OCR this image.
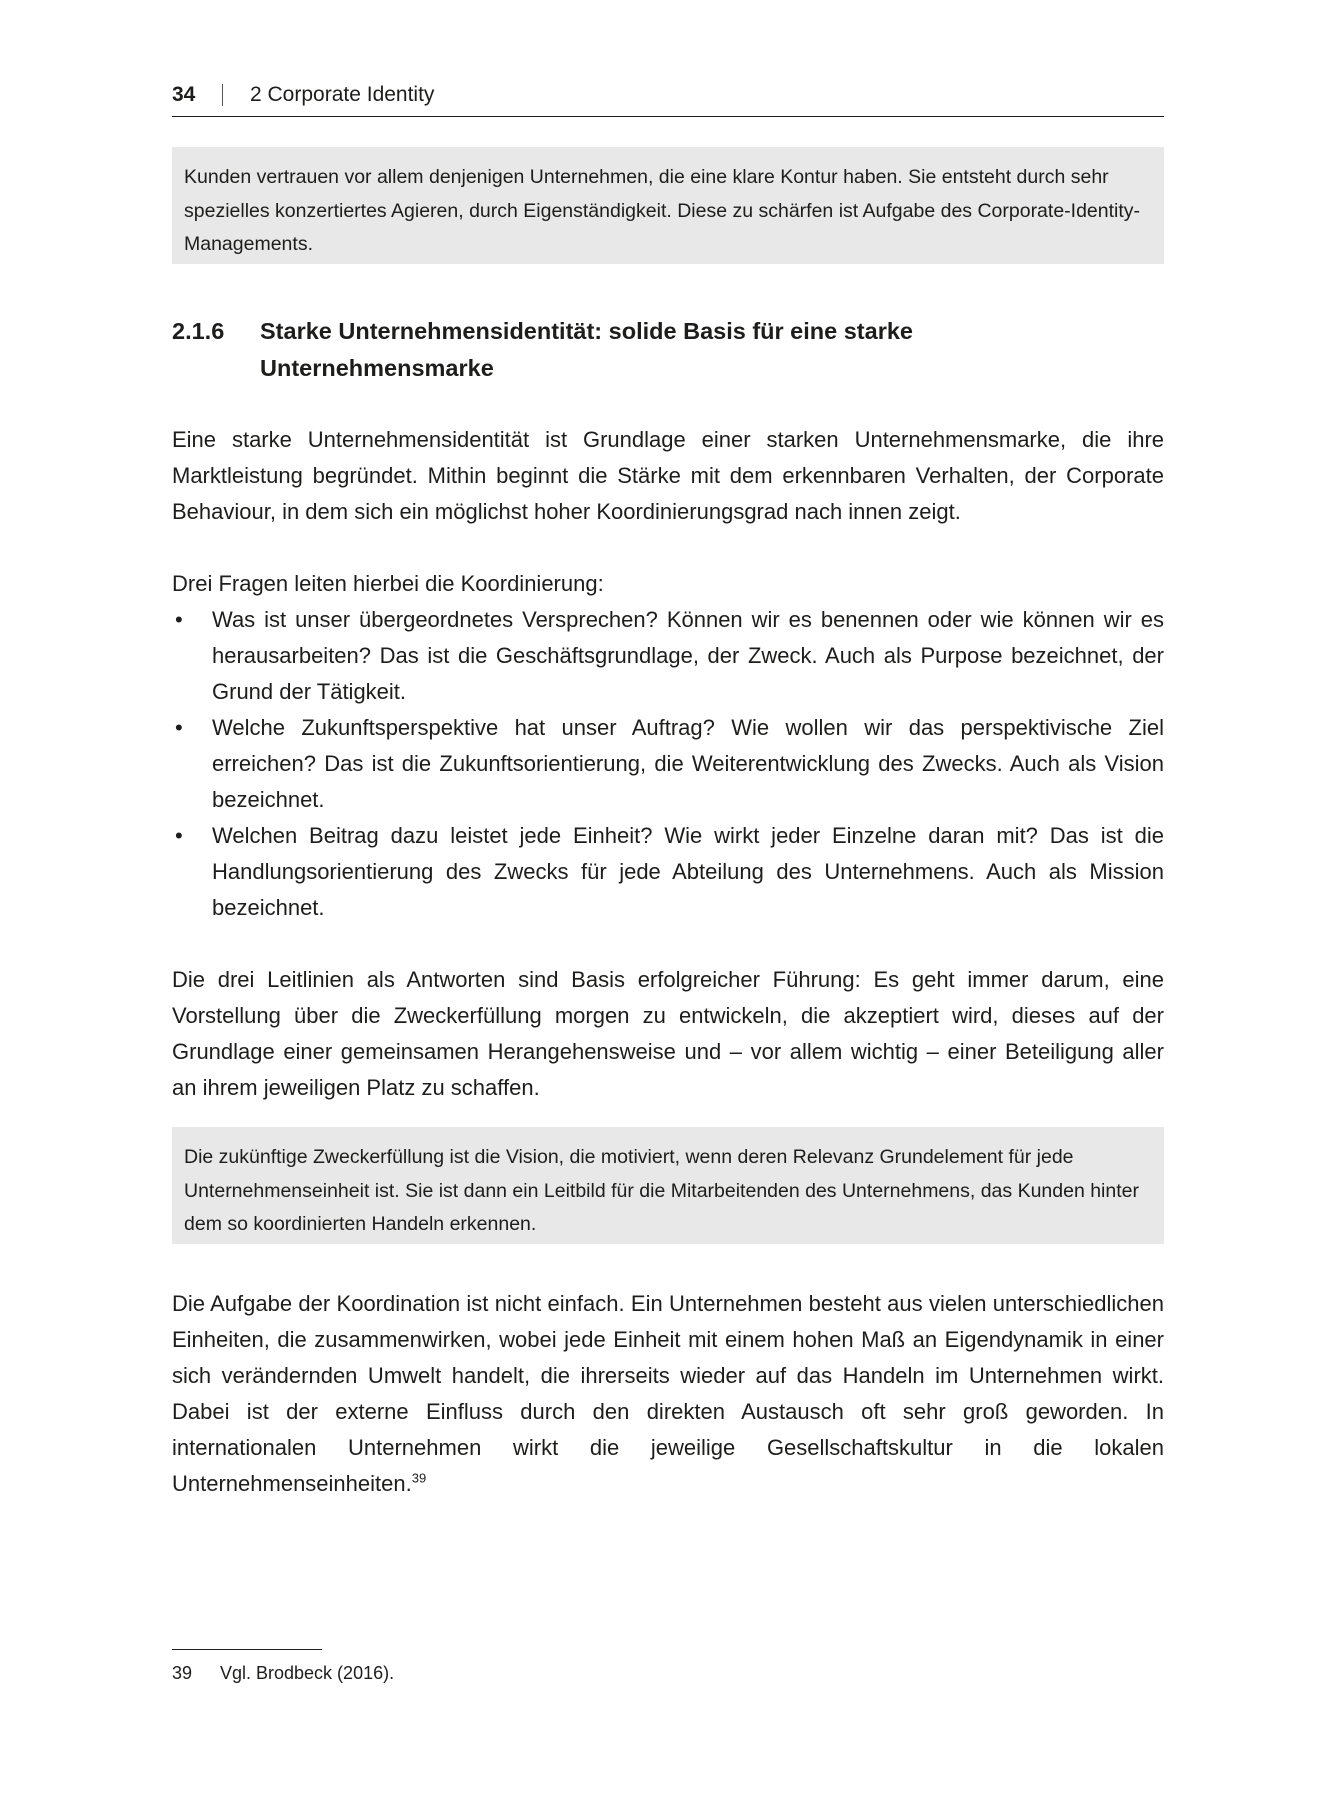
34	2 Corporate Identity

Kunden vertrauen vor allem denjenigen Unternehmen, die eine klare Kontur haben. Sie entsteht durch sehr spezielles konzertiertes Agieren, durch Eigenständigkeit. Diese zu schärfen ist Aufgabe des Corporate-Identity-Managements.

2.1.6 Starke Unternehmensidentität: solide Basis für eine starke Unternehmensmarke

Eine starke Unternehmensidentität ist Grundlage einer starken Unternehmensmarke, die ihre Marktleistung begründet. Mithin beginnt die Stärke mit dem erkennbaren Verhalten, der Corporate Behaviour, in dem sich ein möglichst hoher Koordinierungsgrad nach innen zeigt.

Drei Fragen leiten hierbei die Koordinierung:

• Was ist unser übergeordnetes Versprechen? Können wir es benennen oder wie können wir es herausarbeiten? Das ist die Geschäftsgrundlage, der Zweck. Auch als Purpose bezeichnet, der Grund der Tätigkeit.
• Welche Zukunftsperspektive hat unser Auftrag? Wie wollen wir das perspektivische Ziel erreichen? Das ist die Zukunftsorientierung, die Weiterentwicklung des Zwecks. Auch als Vision bezeichnet.
• Welchen Beitrag dazu leistet jede Einheit? Wie wirkt jeder Einzelne daran mit? Das ist die Handlungsorientierung des Zwecks für jede Abteilung des Unternehmens. Auch als Mission bezeichnet.

Die drei Leitlinien als Antworten sind Basis erfolgreicher Führung: Es geht immer darum, eine Vorstellung über die Zweckerfüllung morgen zu entwickeln, die akzeptiert wird, dieses auf der Grundlage einer gemeinsamen Herangehensweise und – vor allem wichtig – einer Beteiligung aller an ihrem jeweiligen Platz zu schaffen.

Die zukünftige Zweckerfüllung ist die Vision, die motiviert, wenn deren Relevanz Grundelement für jede Unternehmenseinheit ist. Sie ist dann ein Leitbild für die Mitarbeitenden des Unternehmens, das Kunden hinter dem so koordinierten Handeln erkennen.

Die Aufgabe der Koordination ist nicht einfach. Ein Unternehmen besteht aus vielen unterschiedlichen Einheiten, die zusammenwirken, wobei jede Einheit mit einem hohen Maß an Eigendynamik in einer sich verändernden Umwelt handelt, die ihrerseits wieder auf das Handeln im Unternehmen wirkt. Dabei ist der externe Einfluss durch den direkten Austausch oft sehr groß geworden. In internationalen Unternehmen wirkt die jeweilige Gesellschaftskultur in die lokalen Unternehmenseinheiten.$^{39}$

39 Vgl. Brodbeck (2016).
